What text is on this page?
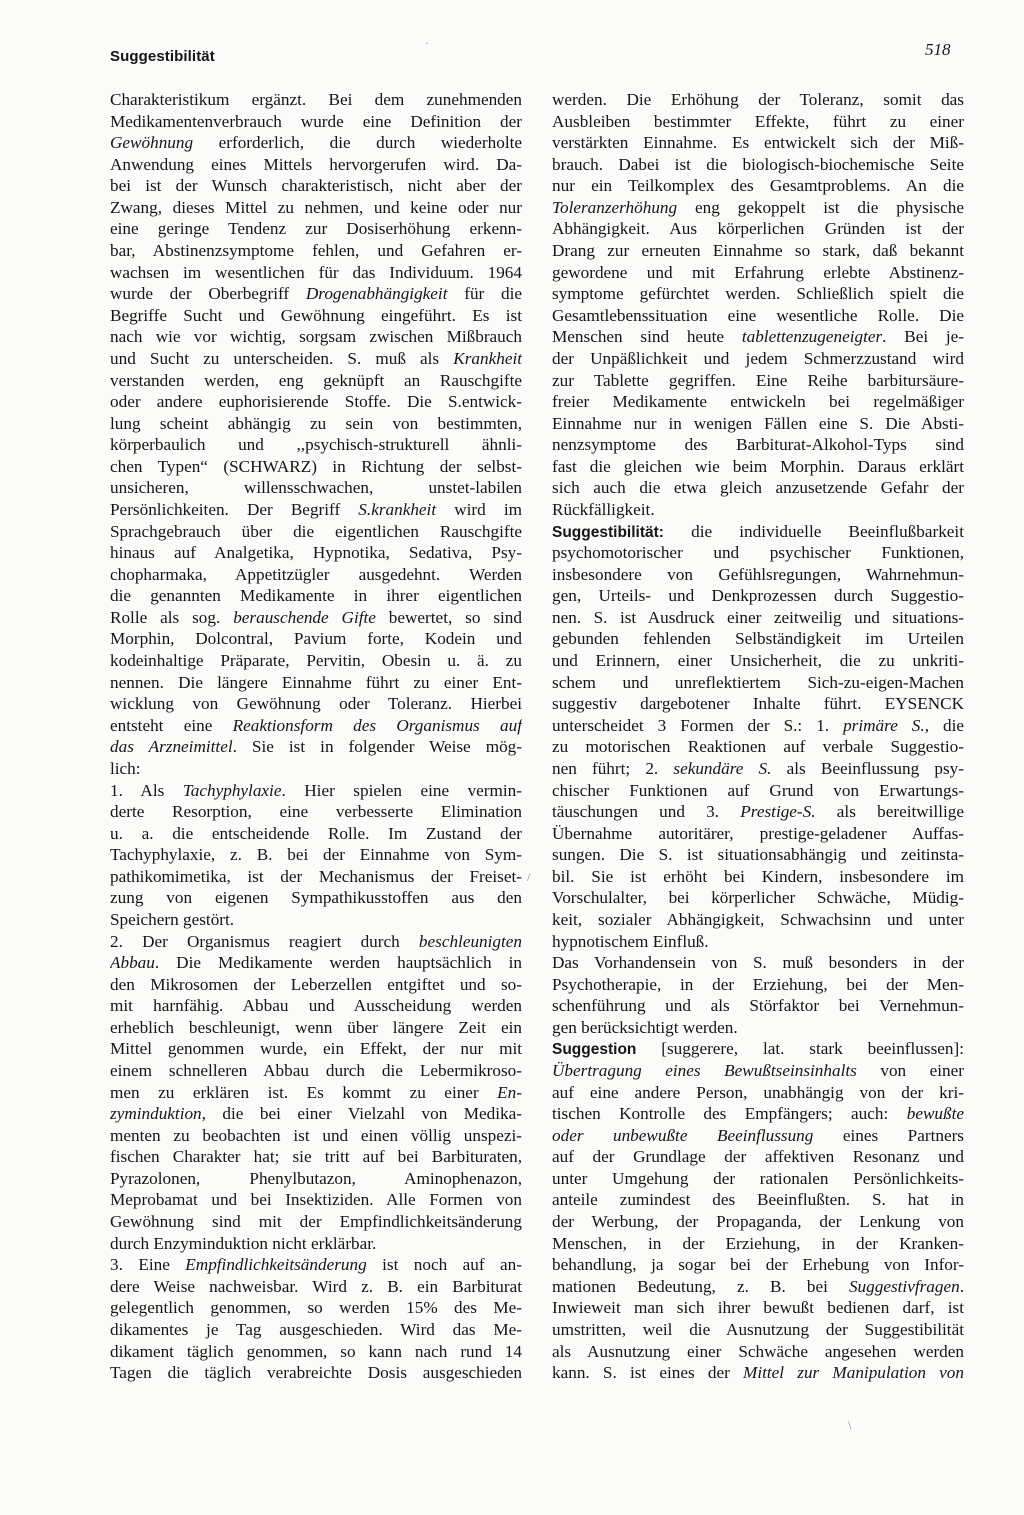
Suggestibilität	518
Charakteristikum ergänzt. Bei dem zunehmenden
Medikamentenverbrauch wurde eine Definition der
Gewöhnung erforderlich, die durch wiederholte
Anwendung eines Mittels hervorgerufen wird. Da-
bei ist der Wunsch charakteristisch, nicht aber der
Zwang, dieses Mittel zu nehmen, und keine oder nur
eine geringe Tendenz zur Dosiserhöhung erkenn-
bar, Abstinenzsymptome fehlen, und Gefahren er-
wachsen im wesentlichen für das Individuum. 1964
wurde der Oberbegriff Drogenabhängigkeit für die
Begriffe Sucht und Gewöhnung eingeführt. Es ist
nach wie vor wichtig, sorgsam zwischen Mißbrauch
und Sucht zu unterscheiden. S. muß als Krankheit
verstanden werden, eng geknüpft an Rauschgifte
oder andere euphorisierende Stoffe. Die S.entwick-
lung scheint abhängig zu sein von bestimmten,
körperbaulich und ,,psychisch-strukturell ähnli-
chen Typen“ (SCHWARZ) in Richtung der selbst-
unsicheren, willensschwachen, unstet-labilen
Persönlichkeiten. Der Begriff S.krankheit wird im
Sprachgebrauch über die eigentlichen Rauschgifte
hinaus auf Analgetika, Hypnotika, Sedativa, Psy-
chopharmaka, Appetitzügler ausgedehnt. Werden
die genannten Medikamente in ihrer eigentlichen
Rolle als sog. berauschende Gifte bewertet, so sind
Morphin, Dolcontral, Pavium forte, Kodein und
kodeinhaltige Präparate, Pervitin, Obesin u. ä. zu
nennen. Die längere Einnahme führt zu einer Ent-
wicklung von Gewöhnung oder Toleranz. Hierbei
entsteht eine Reaktionsform des Organismus auf
das Arzneimittel. Sie ist in folgender Weise mög-
lich:
1. Als Tachyphylaxie. Hier spielen eine vermin-
derte Resorption, eine verbesserte Elimination
u. a. die entscheidende Rolle. Im Zustand der
Tachyphylaxie, z. B. bei der Einnahme von Sym-
pathikomimetika, ist der Mechanismus der Freiset-
zung von eigenen Sympathikusstoffen aus den
Speichern gestört.
2. Der Organismus reagiert durch beschleunigten
Abbau. Die Medikamente werden hauptsächlich in
den Mikrosomen der Leberzellen entgiftet und so-
mit harnfähig. Abbau und Ausscheidung werden
erheblich beschleunigt, wenn über längere Zeit ein
Mittel genommen wurde, ein Effekt, der nur mit
einem schnelleren Abbau durch die Lebermikroso-
men zu erklären ist. Es kommt zu einer En-
zyminduktion, die bei einer Vielzahl von Medika-
menten zu beobachten ist und einen völlig unspezi-
fischen Charakter hat; sie tritt auf bei Barbituraten,
Pyrazolonen, Phenylbutazon, Aminophenazon,
Meprobamat und bei Insektiziden. Alle Formen von
Gewöhnung sind mit der Empfindlichkeitsänderung
durch Enzyminduktion nicht erklärbar.
3. Eine Empfindlichkeitsänderung ist noch auf an-
dere Weise nachweisbar. Wird z. B. ein Barbiturat
gelegentlich genommen, so werden 15% des Me-
dikamentes je Tag ausgeschieden. Wird das Me-
dikament täglich genommen, so kann nach rund 14
Tagen die täglich verabreichte Dosis ausgeschieden
werden. Die Erhöhung der Toleranz, somit das
Ausbleiben bestimmter Effekte, führt zu einer
verstärkten Einnahme. Es entwickelt sich der Miß-
brauch. Dabei ist die biologisch-biochemische Seite
nur ein Teilkomplex des Gesamtproblems. An die
Toleranzerhöhung eng gekoppelt ist die physische
Abhängigkeit. Aus körperlichen Gründen ist der
Drang zur erneuten Einnahme so stark, daß bekannt
gewordene und mit Erfahrung erlebte Abstinenz-
symptome gefürchtet werden. Schließlich spielt die
Gesamtlebenssituation eine wesentliche Rolle. Die
Menschen sind heute tablettenzugeneigter. Bei je-
der Unpäßlichkeit und jedem Schmerzzustand wird
zur Tablette gegriffen. Eine Reihe barbitursäure-
freier Medikamente entwickeln bei regelmäßiger
Einnahme nur in wenigen Fällen eine S. Die Absti-
nenzsymptome des Barbiturat-Alkohol-Typs sind
fast die gleichen wie beim Morphin. Daraus erklärt
sich auch die etwa gleich anzusetzende Gefahr der
Rückfälligkeit.
Suggestibilität: die individuelle Beeinflußbarkeit
psychomotorischer und psychischer Funktionen,
insbesondere von Gefühlsregungen, Wahrnehmun-
gen, Urteils- und Denkprozessen durch Suggestio-
nen. S. ist Ausdruck einer zeitweilig und situations-
gebunden fehlenden Selbständigkeit im Urteilen
und Erinnern, einer Unsicherheit, die zu unkriti-
schem und unreflektiertem Sich-zu-eigen-Machen
suggestiv dargebotener Inhalte führt. EYSENCK
unterscheidet 3 Formen der S.: 1. primäre S., die
zu motorischen Reaktionen auf verbale Suggestio-
nen führt; 2. sekundäre S. als Beeinflussung psy-
chischer Funktionen auf Grund von Erwartungs-
täuschungen und 3. Prestige-S. als bereitwillige
Übernahme autoritärer, prestige-geladener Auffas-
sungen. Die S. ist situationsabhängig und zeitinsta-
bil. Sie ist erhöht bei Kindern, insbesondere im
Vorschulalter, bei körperlicher Schwäche, Müdig-
keit, sozialer Abhängigkeit, Schwachsinn und unter
hypnotischem Einfluß.
Das Vorhandensein von S. muß besonders in der
Psychotherapie, in der Erziehung, bei der Men-
schenführung und als Störfaktor bei Vernehmun-
gen berücksichtigt werden.
Suggestion [suggerere, lat. stark beeinflussen]:
Übertragung eines Bewußtseinsinhalts von einer
auf eine andere Person, unabhängig von der kri-
tischen Kontrolle des Empfängers; auch: bewußte
oder unbewußte Beeinflussung eines Partners
auf der Grundlage der affektiven Resonanz und
unter Umgehung der rationalen Persönlichkeits-
anteile zumindest des Beeinflußten. S. hat in
der Werbung, der Propaganda, der Lenkung von
Menschen, in der Erziehung, in der Kranken-
behandlung, ja sogar bei der Erhebung von Infor-
mationen Bedeutung, z. B. bei Suggestivfragen.
Inwieweit man sich ihrer bewußt bedienen darf, ist
umstritten, weil die Ausnutzung der Suggestibilität
als Ausnutzung einer Schwäche angesehen werden
kann. S. ist eines der Mittel zur Manipulation von
·
/
\
